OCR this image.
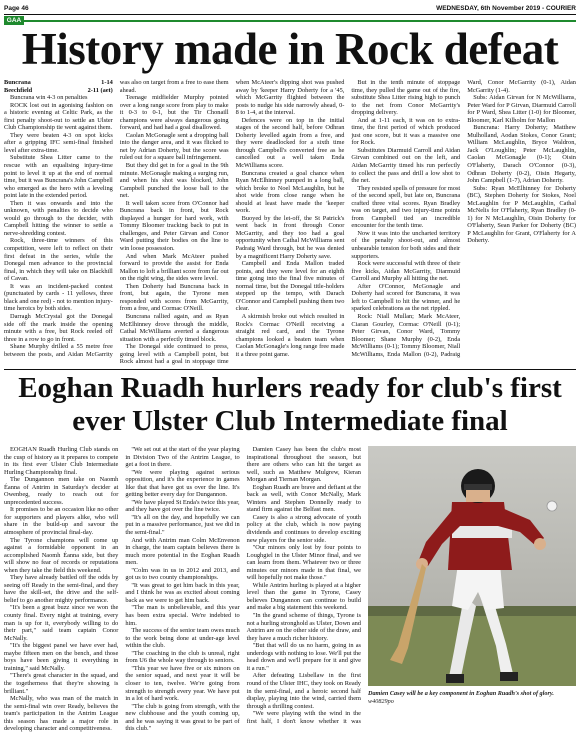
Page 46	WEDNESDAY, 6th November 2019 - COURIER
GAA
History made in Rock defeat
Buncrana	1-14
Beechfield	2-11 (aet)

Buncrana win 4-3 on penalties

ROCK lost out in agonising fashion on a historic evening at Celtic Park, as the first penalty shoot-out to settle an Ulster Club Championship tie went against them.

They were beaten 4-3 on spot kicks after a gripping IFC semi-final finished level after extra-time.

Substitute Shea Litter came to the rescue with an equalising injury-time point to level it up at the end of normal time, but it was Buncrana's John Campbell who emerged as the hero with a leveling point late in the extended period.

Then it was onwards and into the unknown, with penalties to decide who would go through to the decider, with Campbell hitting the winner to settle a nerve-shredding contest.

Rock, three-time winners of this competition, were left to reflect on their first defeat in the series, while the Donegal men advance to the provincial final, in which they will take on Blackhill of Cavan.

It was an incident-packed contest (punctuated by cards - 11 yellows, three black and one red) - not to mention injury-time heroics by both sides.

Darragh McCrystal got the Donegal side off the mark inside the opening minute with a free, but Rock reeled off three in a row to go in front.

Shane Murphy drilled a 55 metre free between the posts, and Aidan McGarrity was also on target from a free to ease them ahead.

Teenage midfielder Murphy pointed over a long range score from play to make it 0-3 to 0-1, but the Tir Chonaill champions were always dangerous going forward, and had had a goal disallowed.

Caolan McGonagle sent a dropping ball into the danger area, and it was flicked to net by Adrian Doherty, but the score was ruled out for a square ball infringement.

But they did get in for a goal in the 9th minute. McGonagle making a surging run, and when his shot was blocked, John Campbell punched the loose ball to the net.

It well taken score from O'Connor had Buncrana back in front, but Rock displayed a hunger for hard work, with Tommy Bloomer tracking back to put in challenges, and Peter Girvan and Conor Ward putting their bodies on the line to win loose possession.

And when Mark McAteer pushed forward to provide the assist for Enda Mallon to loft a brilliant score from far out on the right wing, the sides were level.

Then Doherty had Buncrana back in front, but again, the Tyrone men responded with scores from McGarrity, from a free, and Cormac O'Neill.

Buncrana rallied again, and as Ryan McElhinney drove through the middle, Cathal McWilliams averted a dangerous situation with a perfectly timed block.

The Donegal side continued to press, going level with a Campbell point, but Rock almost had a goal in stoppage time when McAteer's dipping shot was pushed away by 'keeper Harry Doherty for a '45, which McGarrity flighted between the posts to nudge his side narrowly ahead, 0-8 to 1-4, at the interval.

Defences were on top in the initial stages of the second half, before Odhran Doherty levelled again from a free, and they were deadlocked for a sixth time through Campbell's converted free as he cancelled out a well taken Enda McWilliams score.

Buncrana created a goal chance when Ryan McElhinney pumped in a long ball, which broke to Noel McLaughlin, but he shot wide from close range when he should at least have made the 'keeper work.

Buoyed by the let-off, the St Patrick's went back in front through Conor McGarrity, and they too had a goal opportunity when Cathal McWilliams sent Padraig Ward through, but he was denied by a magnificent Harry Doherty save.

Campbell and Enda Mallon traded points, and they were level for an eighth time going into the final five minutes of normal time, but the Donegal title-holders stepped up the tempo, with Darach O'Connor and Campbell pushing them two clear.

A skirmish broke out which resulted in Rock's Cormac O'Neill receiving a straight red card, and the Tyrone champions looked a beaten team when Caolan McGonagle's long range free made it a three point game.

But in the tenth minute of stoppage time, they pulled the game out of the fire, substitute Shea Litter rising high to punch to the net from Conor McGarrity's dropping delivery.

And at 1-11 each, it was on to extra-time, the first period of which produced just one score, but it was a massive one for Rock.

Substitutes Diarmuid Carroll and Aidan Girvan combined out on the left, and Aidan McGarrity timed his run perfectly to collect the pass and drill a low shot to the net.

They resisted spells of pressure for most of the second spell, but late on, Buncrana crafted three vital scores. Ryan Bradley was on target, and two injury-time points from Campbell tied an incredible encounter for the tenth time.

Now it was into the uncharted territory of the penalty shoot-out, and almost unbearable tension for both sides and their supporters.

Rock were successful with three of their five kicks, Aidan McGarrity, Diarmuid Carroll and Murphy all hitting the net.

After O'Connor, McGonagle and Doherty had scored for Buncrana, it was left to Campbell to hit the winner, and he sparked celebrations as the net rippled.

Rock: Niall Mullan; Mark McAteer, Ciaran Gourley, Cormac O'Neill (0-1); Peter Girvan, Conor Ward, Tommy Bloomer; Shane Murphy (0-2), Enda McWilliams (0-1); Tommy Bloomer, Niall McWilliams, Enda Mallon (0-2), Padraig Ward, Conor McGarrity (0-1), Aidan McGarrity (1-4).

Subs: Aidan Girvan for N McWilliams, Peter Ward for P Girvan, Diarmuid Carroll for P Ward, Shea Litter (1-0) for Bloomer, Bloomer, Karl Kilholm for Mallon

Buncrana: Harry Doherty; Matthew Mulholland, Aodan Stokes, Conor Grant; William McLaughlin, Bryce Waldron, Jack O'Loughlin; Peter McLaughlin, Caolan McGonagle (0-1); Oisin O'Flaherty, Darach O'Connor (0-3), Odhran Doherty (0-2), Oisin Hegarty, John Campbell (1-7), Adrian Doherty.

Subs: Ryan McElhinney for Doherty (BC), Stephen Doherty for Stokes, Noel McLaughlin for P McLaughlin, Cathal McNelis for O'Flaherty, Ryan Bradley (0-1) for N McLaughlin, Oisin Doherty for O'Flaherty, Sean Parker for Doherty (BC) P McLaughlin for Grant, O'Flaherty for A Doherty.

Eoghan Ruadh hurlers ready for club's first ever Ulster Club Intermediate final

EOGHAN Ruadh Hurling Club stands on the cusp of history as it prepares to compete in its first ever Ulster Club Intermediate Hurling Championship final.

The Dungannon men take on Naomh Éanna of Antrim in Saturday's decider at Owenbeg, ready to reach out for unprecedented success.

It promises to be an occasion like no other for supporters and players alike, who will share in the build-up and savour the atmosphere of provincial final-day.

The Tyrone champions will come up against a formidable opponent in an accomplished Naomh Éanna side, but they will show no fear of records or reputations when they take the field this weekend.

They have already battled off the odds by seeing off Ready in the semi-final, and they have the skill-set, the drive and the self-belief to go another mighty performance.

"It's been a great buzz since we won the county final. Every night at training, every man is up for it, everybody willing to do their part," said team captain Conor McNally.

"It's the biggest panel we have ever had, maybe fifteen men on the bench, and those boys have been giving it everything in training," said McNally.

"There's great character in the squad, and the togetherness that they're showing is brilliant."

McNally, who was man of the match in the semi-final win over Ready, believes the team's participation in the Antrim League this season has made a major role in developing character and competitiveness.

"We set out at the start of the year playing in Division Two of the Antrim League, to get a foot in there.

"We were playing against serious opposition, and it's the experience in games like that that have got us over the line. It's getting better every day for Dungannon.

"We have played St Enda's twice this year, and they have got over the line twice.

"It's all on the day, and hopefully we can put in a massive performance, just we did in the semi-final."

And with Antrim man Colm McEnvenon in charge, the team captain believes there is much more potential in the Eoghan Ruadh men.

"Colm was in us in 2012 and 2013, and got us to two county championships.

"It was great to get him back in this year, and I think he was as excited about coming back as we were to get him back.

"The man is unbelievable, and this year has been extra special. We're indebted to him.

The success of the senior team owes much to the work being done at under-age level within the club.

"The coaching in the club is unreal, right from U6 the whole way through to seniors.

"This year we have five or six minors on the senior squad, and next year it will be closer to ten, twelve. We're going from strength to strength every year. We have put in a lot of hard work.

"The club is going from strength, with the new clubhouse and the youth coming up, and he was saying it was great to be part of this club."

Damien Casey has been the club's most inspirational throughout the season, but there are others who can hit the target as well, such as Matthew Mulgrew, Kieran Morgan and Tiernan Morgan.

Eoghan Ruadh are brave and defiant at the back as well, with Conor McNally, Mark Winters and Stephen Donnelly ready to stand firm against the Belfast men.

Casey is also a strong advocate of youth policy at the club, which is now paying dividends and continues to develop exciting new players for the senior side.

"Our minors only lost by four points to Loughgiel in the Ulster Minor final, and we can learn from them. Whatever two or three minutes our minors made in that final, we will hopefully not make those."

While Antrim hurling is played at a higher level than the game in Tyrone, Casey believes Dungannon can continue to build and make a big statement this weekend.

"In the grand scheme of things, Tyrone is not a hurling stronghold as Ulster, Down and Antrim are on the other side of the draw, and they have a much richer history.

"But that will do us no harm, going in as underdogs with nothing to lose. We'll put the head down and we'll prepare for it and give it a run."

After defeating Lisbellaw in the first round of the Ulster IHC, they took on Ready in the semi-final, and a heroic second half display, playing into the wind, carried them through a thrilling contest.

"We were playing with the wind in the first half, I don't know whether it was

Damien Casey will be a key component in Eoghan Ruadh's shot of glory. w40829po
